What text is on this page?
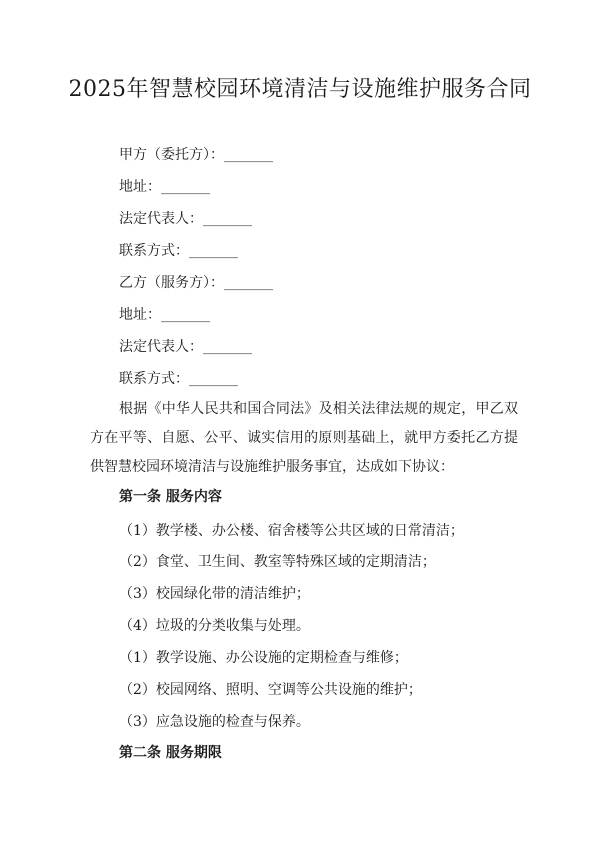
2025年智慧校园环境清洁与设施维护服务合同
甲方（委托方）：_______
地址：_______
法定代表人：_______
联系方式：_______
乙方（服务方）：_______
地址：_______
法定代表人：_______
联系方式：_______
根据《中华人民共和国合同法》及相关法律法规的规定，甲乙双方在平等、自愿、公平、诚实信用的原则基础上，就甲方委托乙方提供智慧校园环境清洁与设施维护服务事宜，达成如下协议：
第一条 服务内容
（1）教学楼、办公楼、宿舍楼等公共区域的日常清洁；
（2）食堂、卫生间、教室等特殊区域的定期清洁；
（3）校园绿化带的清洁维护；
（4）垃圾的分类收集与处理。
（1）教学设施、办公设施的定期检查与维修；
（2）校园网络、照明、空调等公共设施的维护；
（3）应急设施的检查与保养。
第二条 服务期限
